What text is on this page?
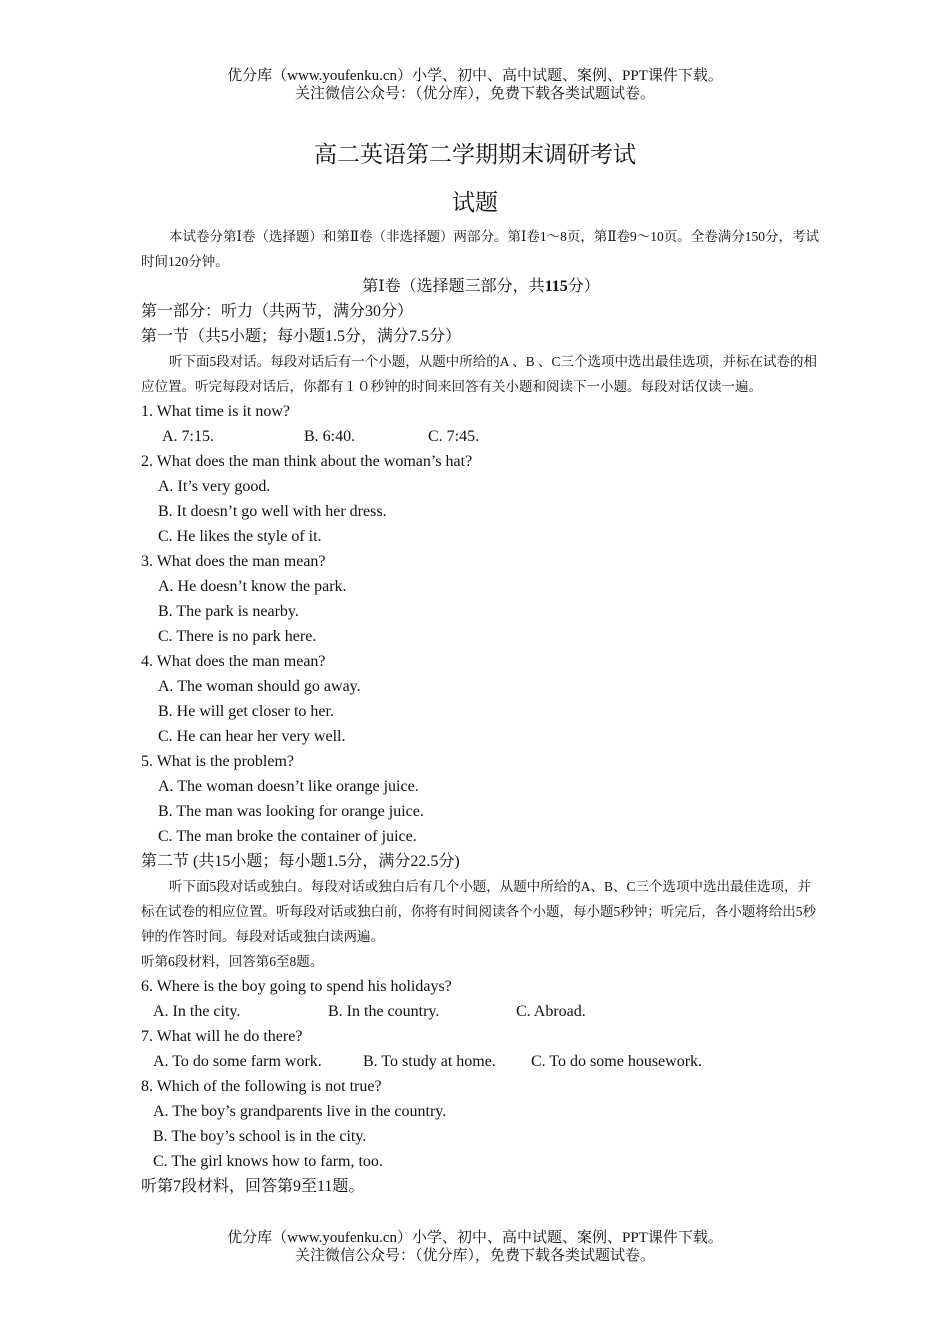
优分库（www.youfenku.cn）小学、初中、高中试题、案例、PPT课件下载。
关注微信公众号：（优分库），免费下载各类试题试卷。
高二英语第二学期期末调研考试
试题
本试卷分第Ⅰ卷（选择题）和第Ⅱ卷（非选择题）两部分。第Ⅰ卷1～8页，第Ⅱ卷9～10页。全卷满分150分，考试时间120分钟。
第Ⅰ卷（选择题三部分，共115分）
第一部分：听力（共两节，满分30分）
第一节（共5小题；每小题1.5分，满分7.5分）
听下面5段对话。每段对话后有一个小题，从题中所给的A 、B 、C三个选项中选出最佳选项，并标在试卷的相应位置。听完每段对话后，你都有１０秒钟的时间来回答有关小题和阅读下一小题。每段对话仅读一遍。
1. What time is it now?
A. 7:15.	B. 6:40.	C. 7:45.
2. What does the man think about the woman’s hat?
A. It’s very good.
B. It doesn’t go well with her dress.
C. He likes the style of it.
3. What does the man mean?
A. He doesn’t know the park.
B. The park is nearby.
C. There is no park here.
4. What does the man mean?
A. The woman should go away.
B. He will get closer to her.
C. He can hear her very well.
5. What is the problem?
A. The woman doesn’t like orange juice.
B. The man was looking for orange juice.
C. The man broke the container of juice.
第二节 (共15小题；每小题1.5分，满分22.5分)
听下面5段对话或独白。每段对话或独白后有几个小题，从题中所给的A、B、C三个选项中选出最佳选项，并标在试卷的相应位置。听每段对话或独白前，你将有时间阅读各个小题，每小题5秒钟；听完后，各小题将给出5秒钟的作答时间。每段对话或独白读两遍。
听第6段材料，回答第6至8题。
6. Where is the boy going to spend his holidays?
A. In the city.	B. In the country.	C. Abroad.
7. What will he do there?
A. To do some farm work.	B. To study at home.	C. To do some housework.
8. Which of the following is not true?
A. The boy’s grandparents live in the country.
B. The boy’s school is in the city.
C. The girl knows how to farm, too.
听第7段材料，回答第9至11题。
优分库（www.youfenku.cn）小学、初中、高中试题、案例、PPT课件下载。
关注微信公众号：（优分库），免费下载各类试题试卷。
